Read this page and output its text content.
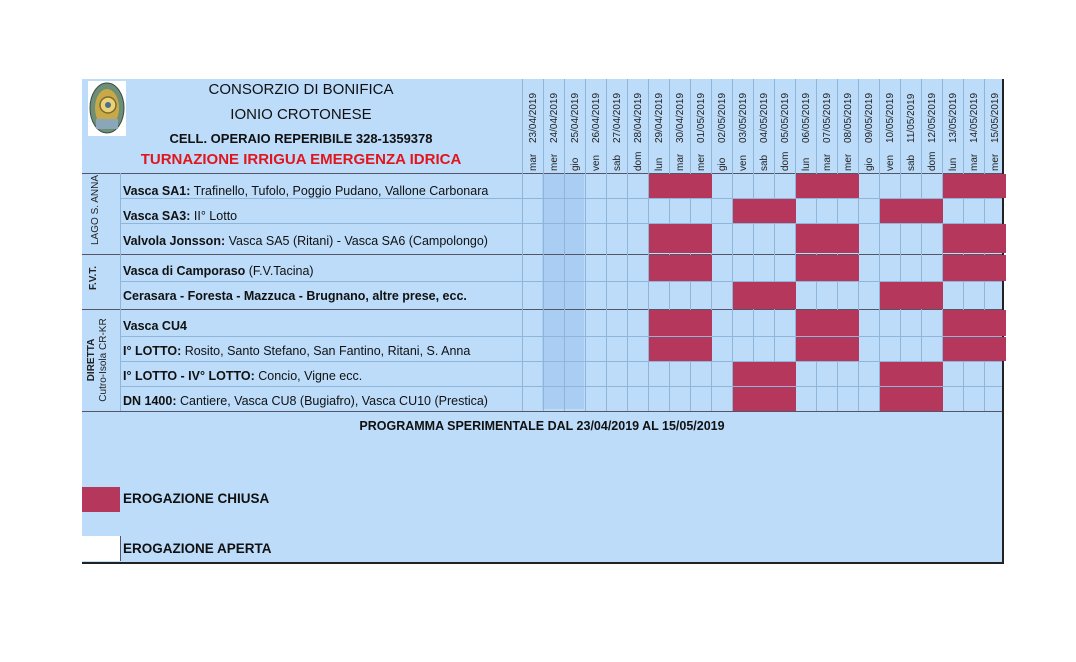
CONSORZIO DI BONIFICA
IONIO CROTONESE
CELL. OPERAIO REPERIBILE 328-1359378
TURNAZIONE IRRIGUA EMERGENZA IDRICA	mar
23/04/2019
mer
24/04/2019
gio
25/04/2019
ven
26/04/2019
sab
27/04/2019
dom
28/04/2019
lun
29/04/2019
mar
30/04/2019
mer
01/05/2019
gio
02/05/2019
ven
03/05/2019
sab
04/05/2019
dom
05/05/2019
lun
06/05/2019
mar
07/05/2019
mer
08/05/2019
gio
09/05/2019
ven
10/05/2019
sab
11/05/2019
dom
12/05/2019
lun
13/05/2019
mar
14/05/2019
mer
15/05/2019
LAGO S. ANNA
F.V.T.
DIRETTA
Cutro-Isola CR-KR
Vasca SA1: Trafinello, Tufolo, Poggio Pudano, Vallone Carbonara
Vasca SA3: II° Lotto
Valvola Jonsson: Vasca SA5 (Ritani) - Vasca SA6 (Campolongo)
Vasca di Camporaso (F.V.Tacina)
Cerasara - Foresta - Mazzuca - Brugnano, altre prese, ecc.
Vasca CU4
I° LOTTO: Rosito, Santo Stefano, San Fantino, Ritani, S. Anna
I° LOTTO - IV° LOTTO: Concio, Vigne ecc.
DN 1400: Cantiere, Vasca CU8 (Bugiafro), Vasca CU10 (Prestica)
PROGRAMMA SPERIMENTALE DAL 23/04/2019 AL 15/05/2019
EROGAZIONE CHIUSA
EROGAZIONE APERTA
